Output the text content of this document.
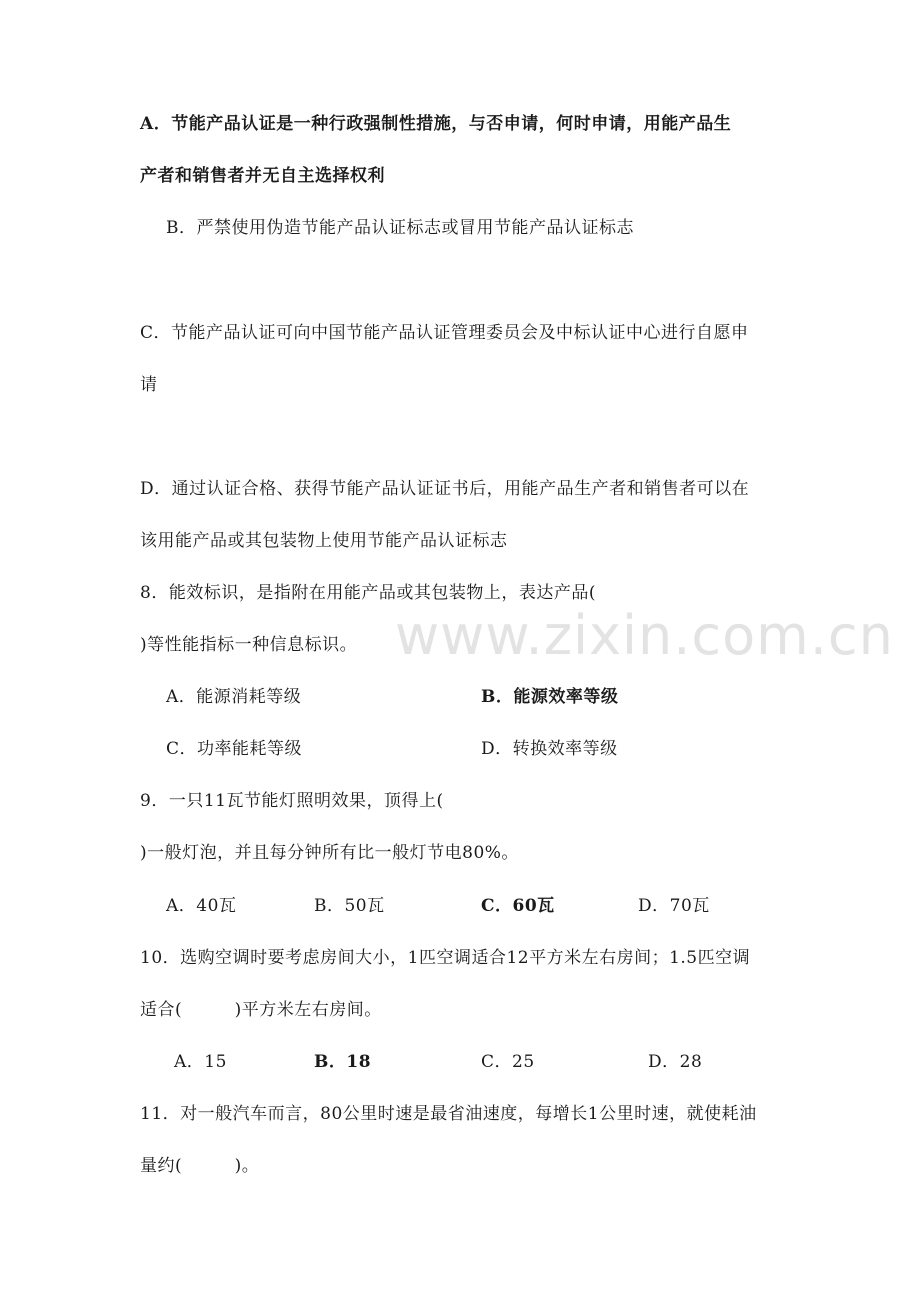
www.zixin.com.cn
A．节能产品认证是一种行政强制性措施，与否申请，何时申请，用能产品生
产者和销售者并无自主选择权利
B．严禁使用伪造节能产品认证标志或冒用节能产品认证标志
C．节能产品认证可向中国节能产品认证管理委员会及中标认证中心进行自愿申
请
D．通过认证合格、获得节能产品认证证书后，用能产品生产者和销售者可以在
该用能产品或其包装物上使用节能产品认证标志
8．能效标识，是指附在用能产品或其包装物上，表达产品(
)等性能指标一种信息标识。
A．能源消耗等级	B．能源效率等级
C．功率能耗等级	D．转换效率等级
9．一只11瓦节能灯照明效果，顶得上(
)一般灯泡，并且每分钟所有比一般灯节电80%。
A．40瓦	B．50瓦	C．60瓦	D．70瓦
10．选购空调时要考虑房间大小，1匹空调适合12平方米左右房间；1.5匹空调
适合(　　　)平方米左右房间。
A．15	B．18	C．25	D．28
11．对一般汽车而言，80公里时速是最省油速度，每增长1公里时速，就使耗油
量约(　　　)。
